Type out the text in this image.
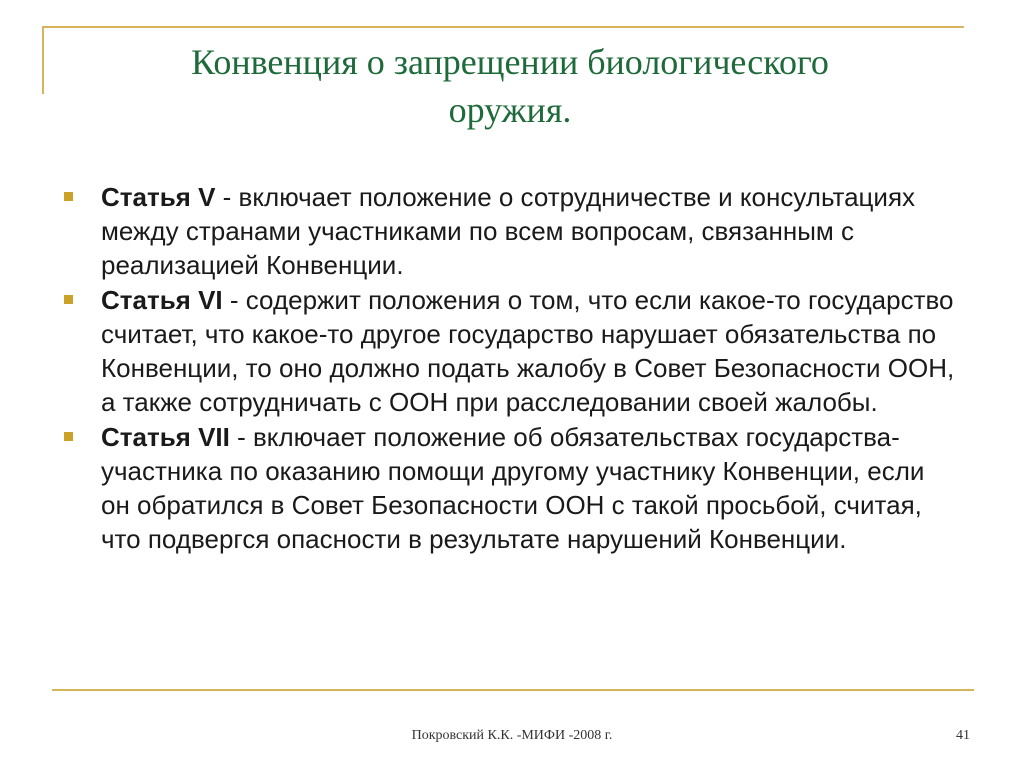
Конвенция о запрещении биологического
оружия.
Статья V - включает положение о сотрудничестве и консультациях между странами участниками по всем вопросам, связанным с реализацией Конвенции.
Статья VI - содержит положения о том, что если какое-то государство считает, что какое-то другое государство нарушает обязательства по Конвенции, то оно должно подать жалобу в Совет Безопасности ООН, а также сотрудничать с ООН при расследовании своей жалобы.
Статья VII - включает положение об обязательствах государства-участника по оказанию помощи другому участнику Конвенции, если он обратился в Совет Безопасности ООН с такой просьбой, считая, что подвергся опасности в результате нарушений Конвенции.
Покровский К.К. -МИФИ -2008 г.	41
